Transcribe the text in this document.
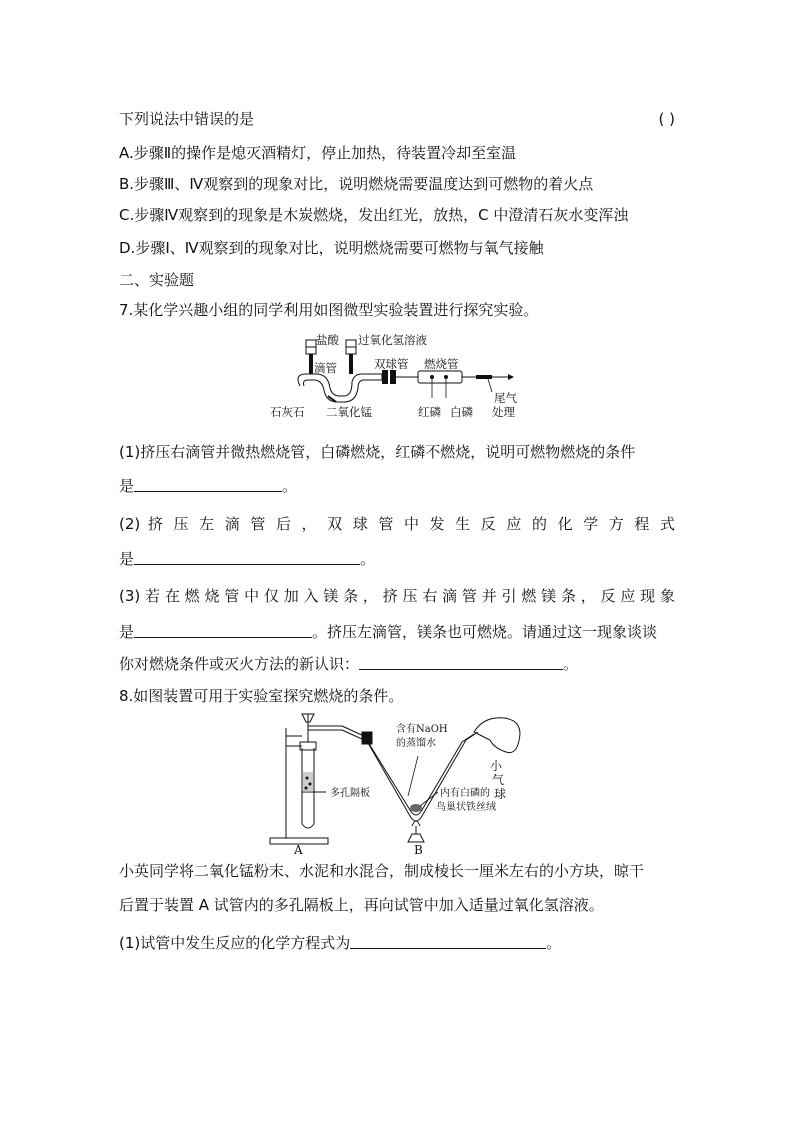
下列说法中错误的是	( )
A.步骤Ⅱ的操作是熄灭酒精灯，停止加热，待装置冷却至室温
B.步骤Ⅲ、Ⅳ观察到的现象对比，说明燃烧需要温度达到可燃物的着火点
C.步骤Ⅳ观察到的现象是木炭燃烧，发出红光，放热，C 中澄清石灰水变浑浊
D.步骤Ⅰ、Ⅳ观察到的现象对比，说明燃烧需要可燃物与氧气接触
二、实验题
7.某化学兴趣小组的同学利用如图微型实验装置进行探究实验。
盐酸 过氧化氢溶液
滴管	双球管 燃烧管
石灰石 二氧化锰	红磷 白磷
尾气
处理
(1)挤压右滴管并微热燃烧管，白磷燃烧，红磷不燃烧，说明可燃物燃烧的条件
是	。
(2) 挤 压 左 滴 管 后 ， 双 球 管 中 发 生 反 应 的 化 学 方 程 式
是	。
(3)若在燃烧管中仅加入镁条，挤压右滴管并引燃镁条，反应现象
是	。挤压左滴管，镁条也可燃烧。请通过这一现象谈谈
你对燃烧条件或灭火方法的新认识：	。
8.如图装置可用于实验室探究燃烧的条件。
含有NaOH
的蒸馏水
小
气
球
多孔隔板	内有白磷的
鸟巢状铁丝绒
A	B
小英同学将二氧化锰粉末、水泥和水混合，制成棱长一厘米左右的小方块，晾干
后置于装置 A 试管内的多孔隔板上，再向试管中加入适量过氧化氢溶液。
(1)试管中发生反应的化学方程式为	。
